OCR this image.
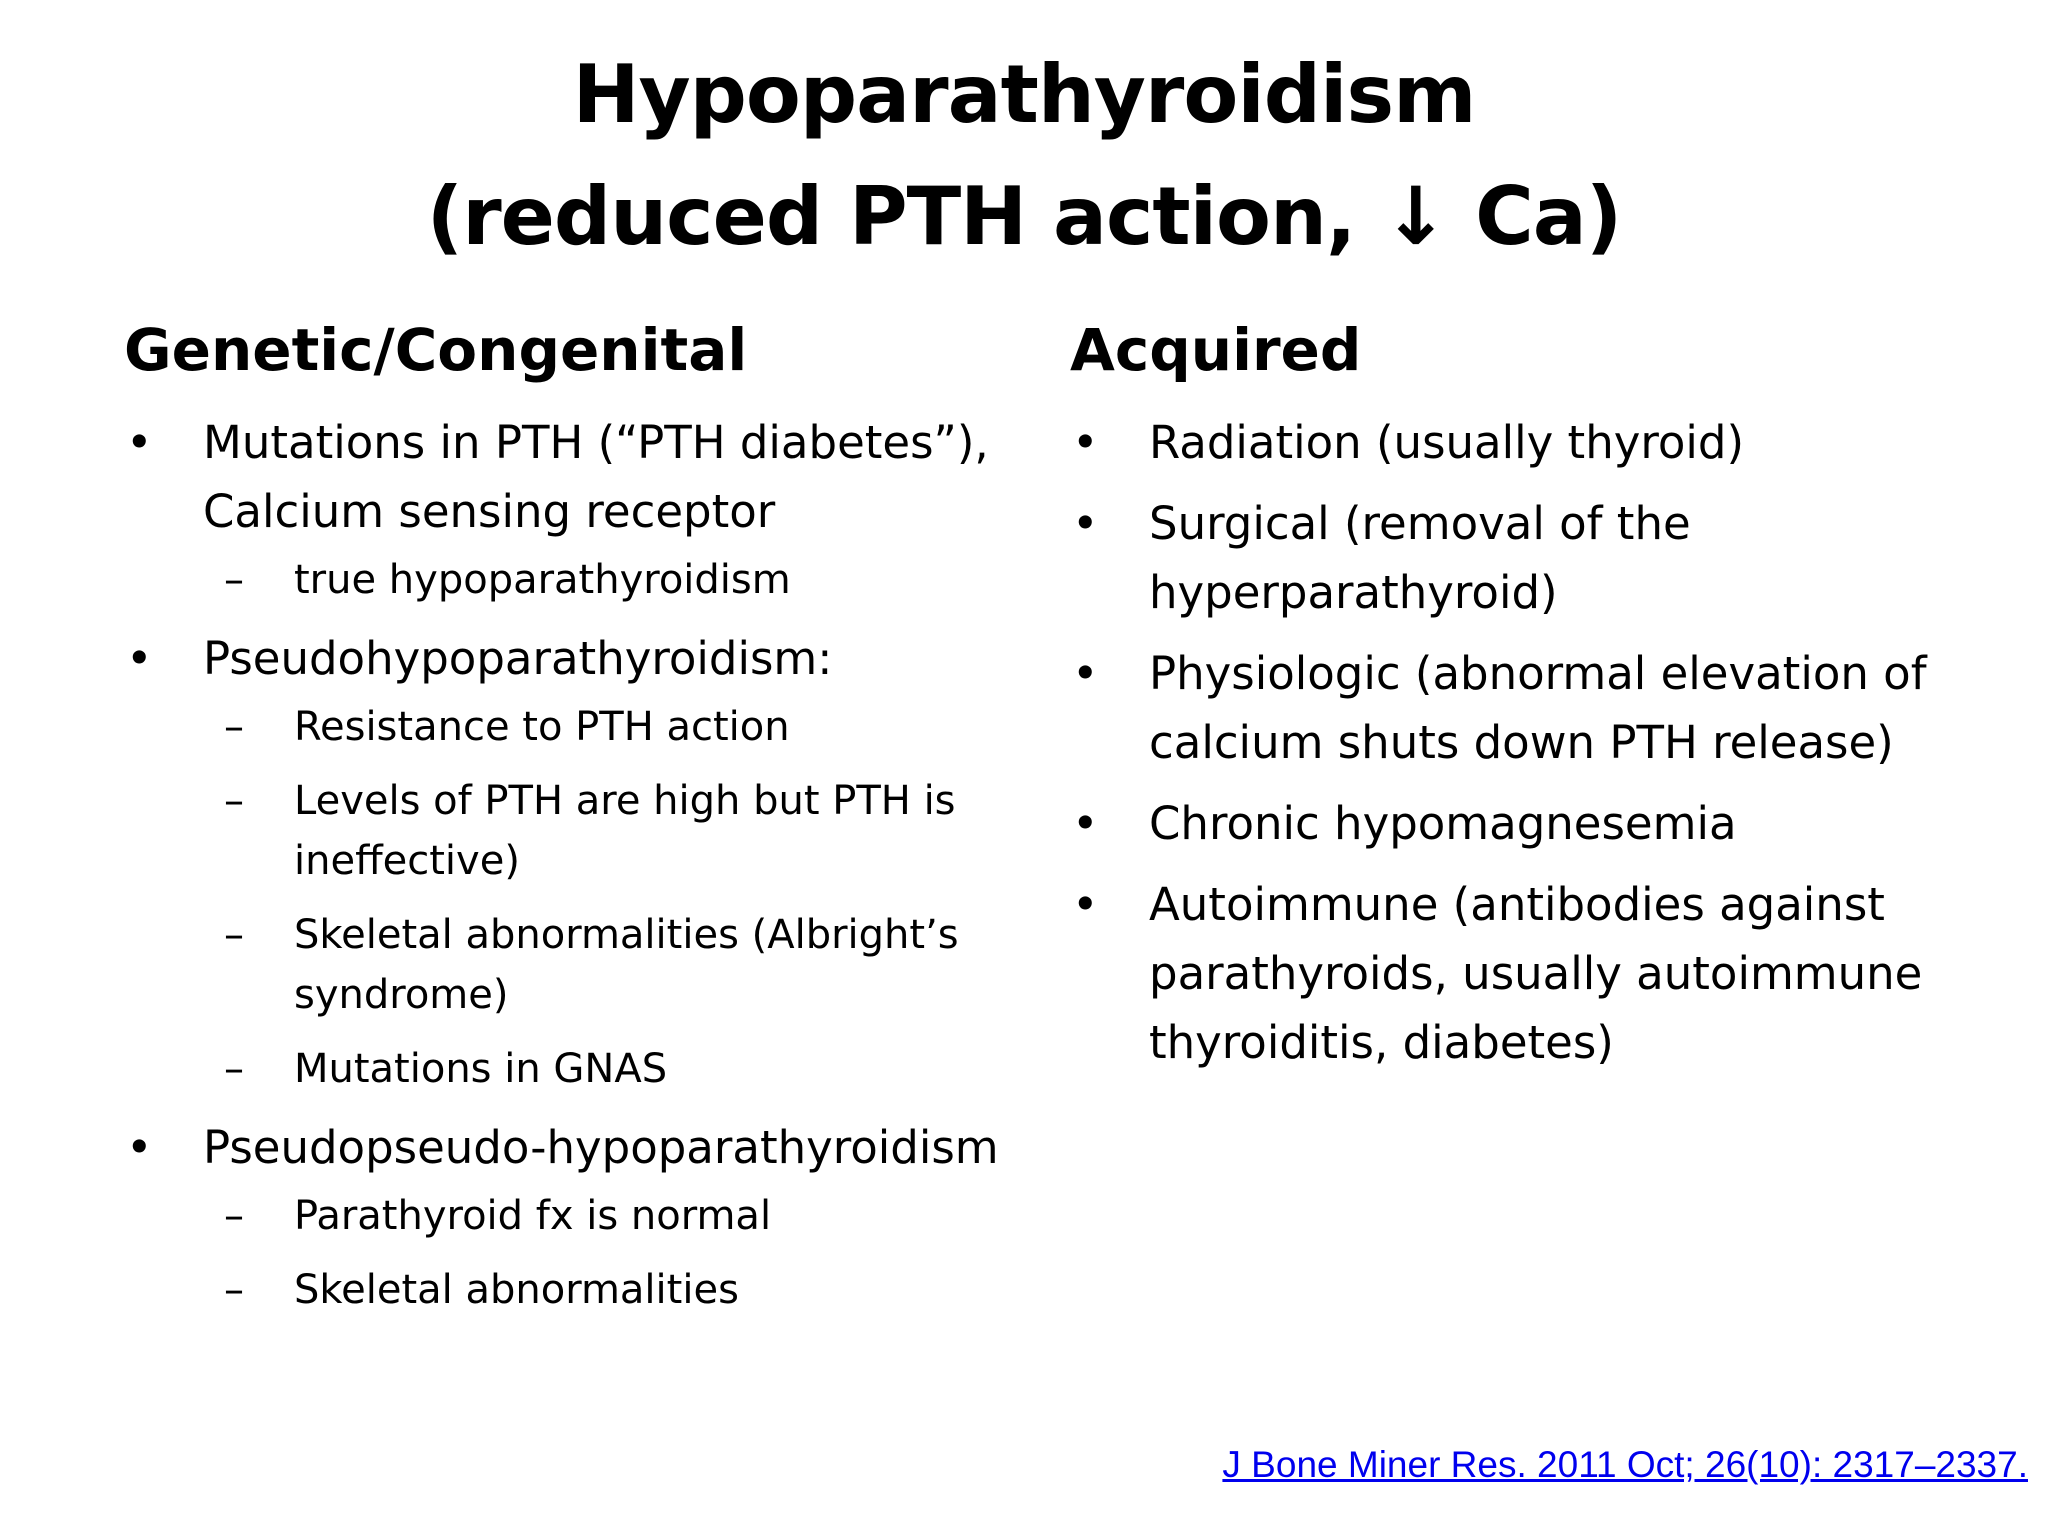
Hypoparathyroidism
(reduced PTH action, ↓ Ca)
Genetic/Congenital
• Mutations in PTH (“PTH diabetes”), Calcium sensing receptor
– true hypoparathyroidism
• Pseudohypoparathyroidism:
– Resistance to PTH action
– Levels of PTH are high but PTH is ineffective)
– Skeletal abnormalities (Albright’s syndrome)
– Mutations in GNAS
• Pseudopseudo-hypoparathyroidism
– Parathyroid fx is normal
– Skeletal abnormalities
Acquired
• Radiation (usually thyroid)
• Surgical (removal of the hyperparathyroid)
• Physiologic (abnormal elevation of calcium shuts down PTH release)
• Chronic hypomagnesemia
• Autoimmune (antibodies against parathyroids, usually autoimmune thyroiditis, diabetes)
J Bone Miner Res. 2011 Oct; 26(10): 2317–2337.
